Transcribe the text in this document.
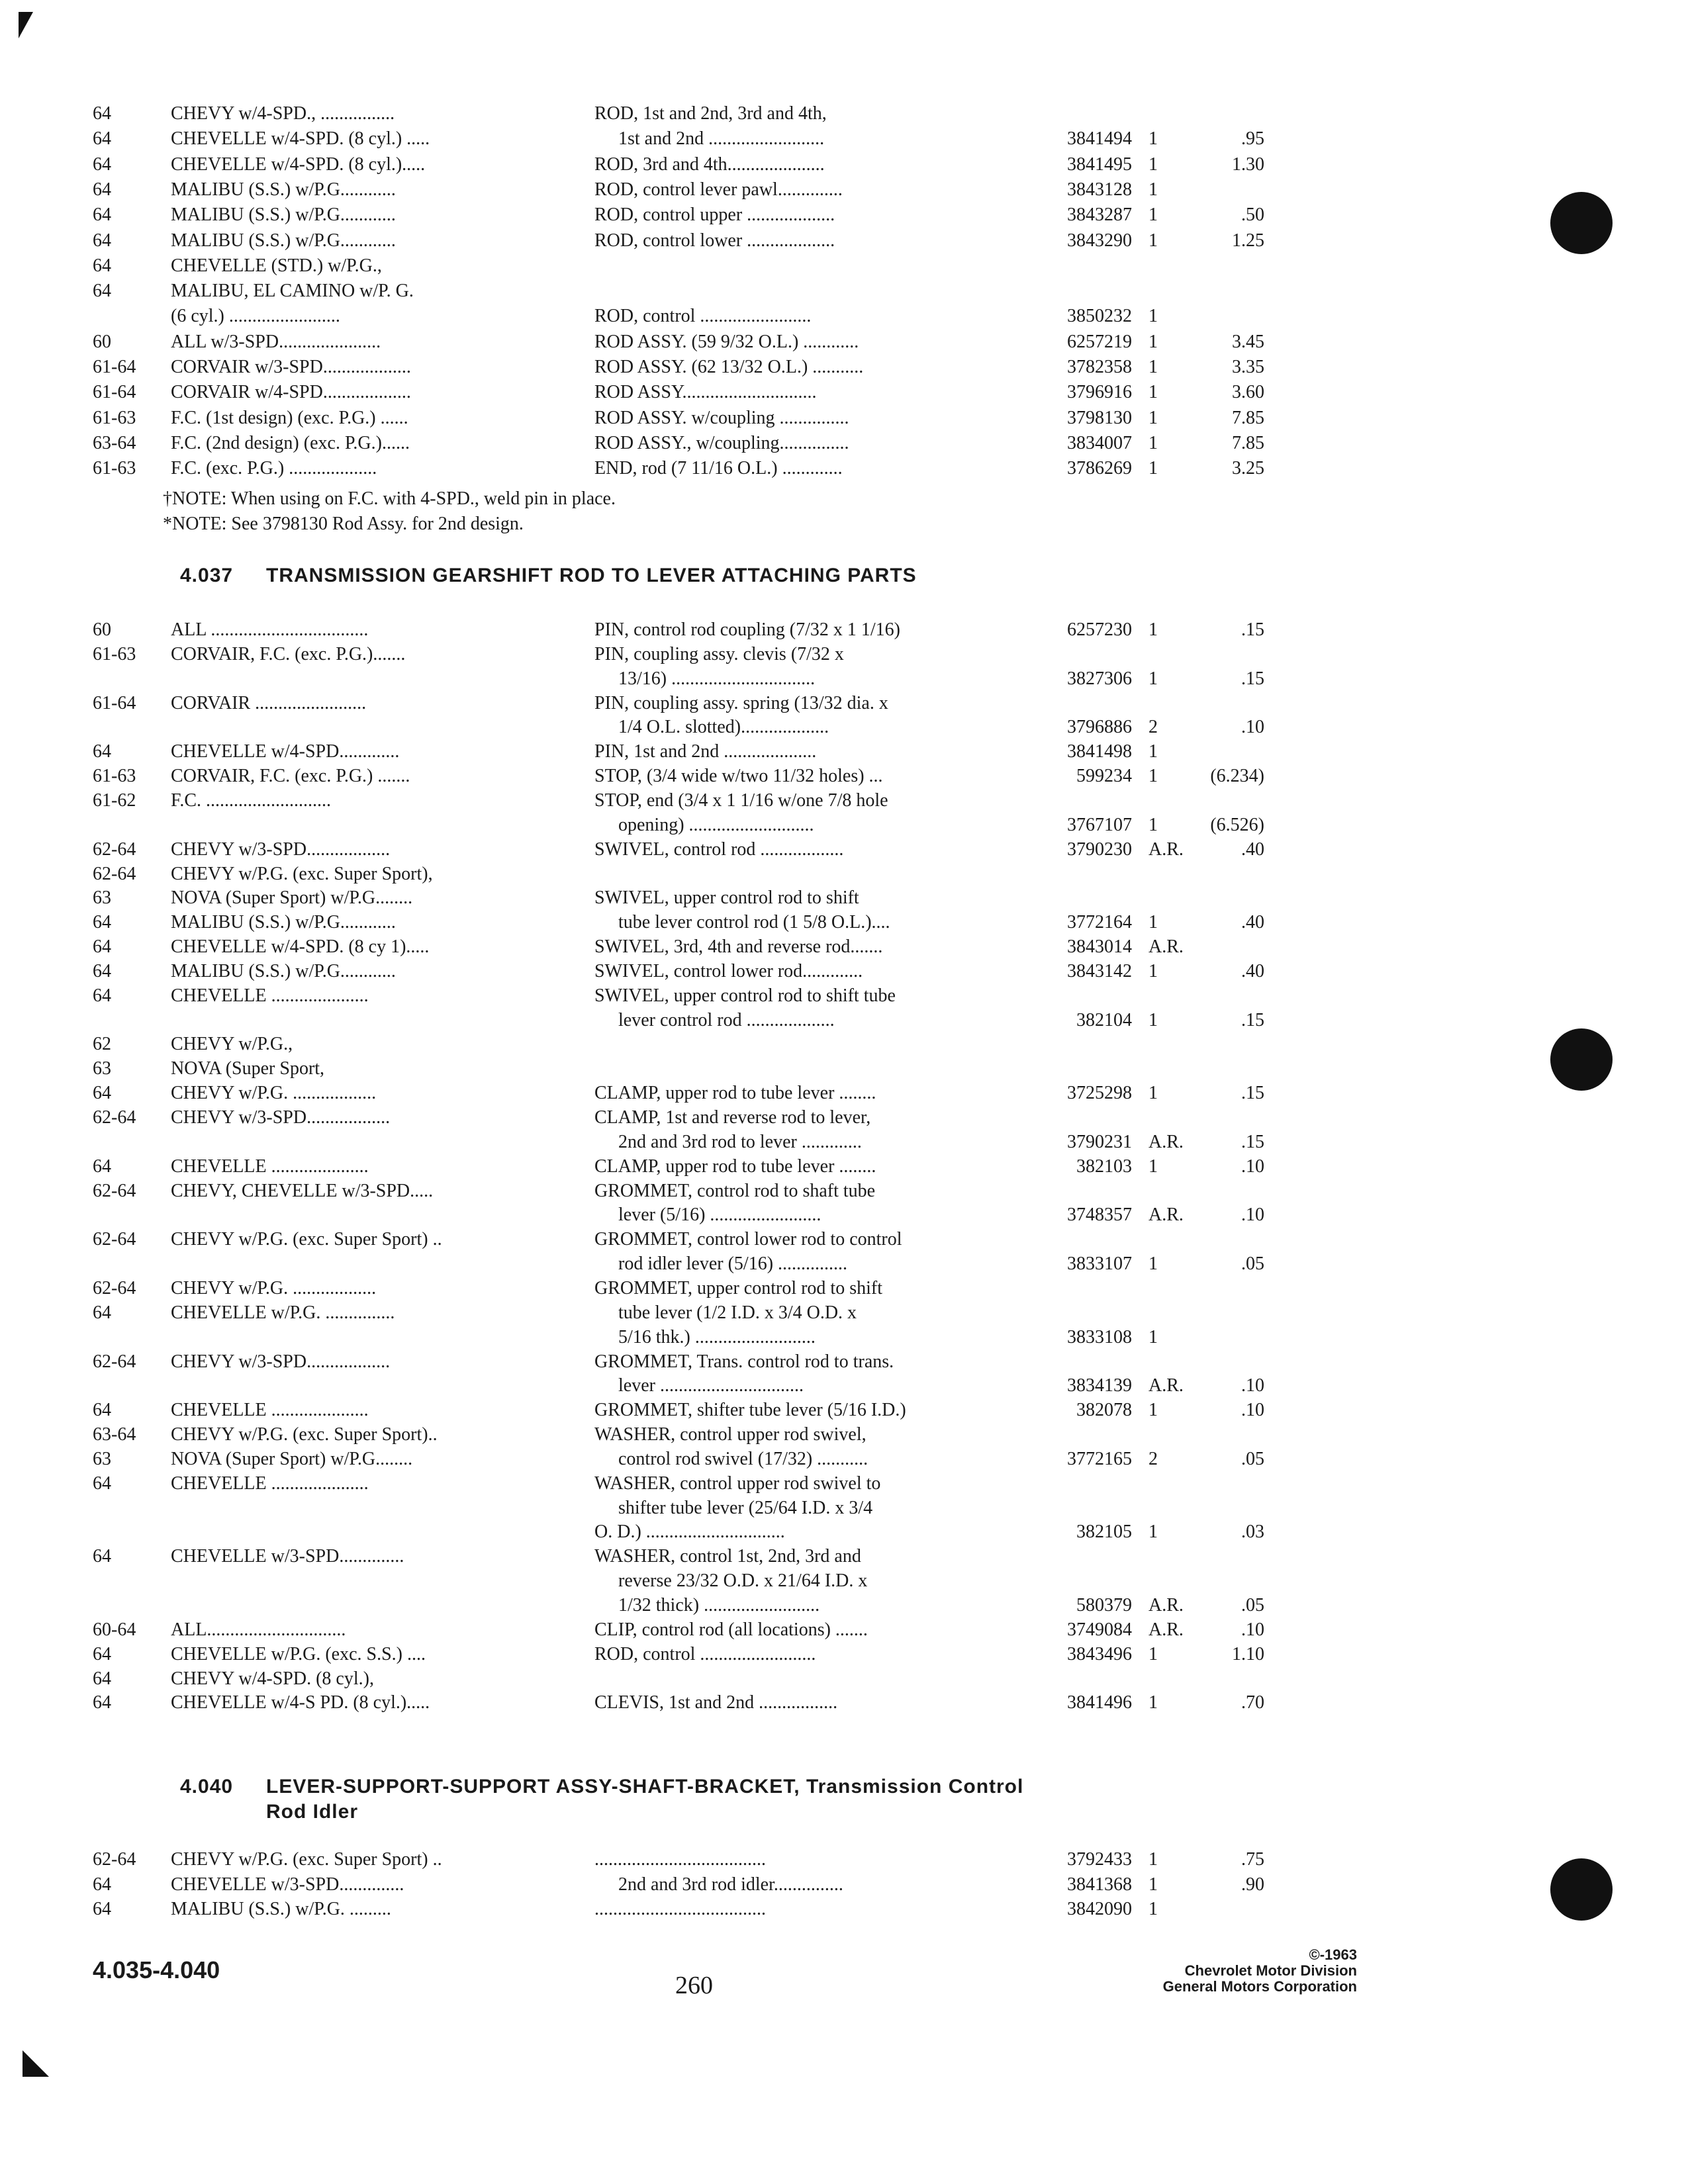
64	CHEVY w/4-SPD., ................	ROD, 1st and 2nd, 3rd and 4th,
64	CHEVELLE w/4-SPD. (8 cyl.) .....	1st and 2nd .........................	3841494 1	.95
64	CHEVELLE w/4-SPD. (8 cyl.).....	ROD, 3rd and 4th.....................	3841495 1	1.30
64	MALIBU (S.S.) w/P.G............	ROD, control lever pawl..............	3843128 1
64	MALIBU (S.S.) w/P.G............	ROD, control upper ...................	3843287 1	.50
64	MALIBU (S.S.) w/P.G............	ROD, control lower ...................	3843290 1	1.25
64	CHEVELLE (STD.) w/P.G.,
64	MALIBU, EL CAMINO w/P. G.
(6 cyl.) ........................	ROD, control ........................	3850232 1
60	ALL w/3-SPD......................	ROD ASSY. (59 9/32 O.L.) ............	6257219 1	3.45
61-64 CORVAIR w/3-SPD...................	ROD ASSY. (62 13/32 O.L.) ...........	3782358 1	3.35
61-64 CORVAIR w/4-SPD...................	ROD ASSY.............................	3796916 1	3.60
61-63 F.C. (1st design) (exc. P.G.) ......	ROD ASSY. w/coupling ...............	3798130 1	7.85
63-64 F.C. (2nd design) (exc. P.G.)......	ROD ASSY., w/coupling...............	3834007 1	7.85
61-63 F.C. (exc. P.G.) ...................	END, rod (7 11/16 O.L.) .............	3786269 1	3.25
†NOTE: When using on F.C. with 4-SPD., weld pin in place.
*NOTE: See 3798130 Rod Assy. for 2nd design.
4.037 TRANSMISSION GEARSHIFT ROD TO LEVER ATTACHING PARTS
60	ALL ..................................	PIN, control rod coupling (7/32 x 1 1/16)	6257230 1	.15
61-63 CORVAIR, F.C. (exc. P.G.).......	PIN, coupling assy. clevis (7/32 x
13/16) ...............................	3827306 1	.15
61-64 CORVAIR ........................	PIN, coupling assy. spring (13/32 dia. x
1/4 O.L. slotted)...................	3796886 2	.10
64	CHEVELLE w/4-SPD.............	PIN, 1st and 2nd ....................	3841498 1
61-63 CORVAIR, F.C. (exc. P.G.) .......	STOP, (3/4 wide w/two 11/32 holes) ...	599234 1	(6.234)
61-62 F.C. ...........................	STOP, end (3/4 x 1 1/16 w/one 7/8 hole
opening) ...........................	3767107 1	(6.526)
62-64 CHEVY w/3-SPD..................	SWIVEL, control rod ..................	3790230 A.R.	.40
62-64 CHEVY w/P.G. (exc. Super Sport),
63	NOVA (Super Sport) w/P.G........	SWIVEL, upper control rod to shift
64	MALIBU (S.S.) w/P.G............	tube lever control rod (1 5/8 O.L.)....	3772164 1	.40
64	CHEVELLE w/4-SPD. (8 cy 1).....	SWIVEL, 3rd, 4th and reverse rod.......	3843014 A.R.
64	MALIBU (S.S.) w/P.G............	SWIVEL, control lower rod.............	3843142 1	.40
64	CHEVELLE .....................	SWIVEL, upper control rod to shift tube
lever control rod ...................	382104 1	.15
62	CHEVY w/P.G.,
63	NOVA (Super Sport,
64	CHEVY w/P.G. ..................	CLAMP, upper rod to tube lever ........	3725298 1	.15
62-64 CHEVY w/3-SPD..................	CLAMP, 1st and reverse rod to lever,
2nd and 3rd rod to lever .............	3790231 A.R.	.15
64	CHEVELLE .....................	CLAMP, upper rod to tube lever ........	382103 1	.10
62-64 CHEVY, CHEVELLE w/3-SPD.....	GROMMET, control rod to shaft tube
lever (5/16) ........................	3748357 A.R.	.10
62-64 CHEVY w/P.G. (exc. Super Sport) ..	GROMMET, control lower rod to control
rod idler lever (5/16) ...............	3833107 1	.05
62-64 CHEVY w/P.G. ..................	GROMMET, upper control rod to shift
64	CHEVELLE w/P.G. ...............	tube lever (1/2 I.D. x 3/4 O.D. x
5/16 thk.) ..........................	3833108 1
62-64 CHEVY w/3-SPD..................	GROMMET, Trans. control rod to trans.
lever ...............................	3834139 A.R.	.10
64	CHEVELLE .....................	GROMMET, shifter tube lever (5/16 I.D.)	382078 1	.10
63-64 CHEVY w/P.G. (exc. Super Sport)..	WASHER, control upper rod swivel,
63	NOVA (Super Sport) w/P.G........	control rod swivel (17/32) ...........	3772165 2	.05
64	CHEVELLE .....................	WASHER, control upper rod swivel to
shifter tube lever (25/64 I.D. x 3/4
O. D.) ..............................	382105 1	.03
64	CHEVELLE w/3-SPD..............	WASHER, control 1st, 2nd, 3rd and
reverse 23/32 O.D. x 21/64 I.D. x
1/32 thick) .........................	580379 A.R.	.05
60-64 ALL..............................	CLIP, control rod (all locations) .......	3749084 A.R.	.10
64	CHEVELLE w/P.G. (exc. S.S.) ....	ROD, control .........................	3843496 1	1.10
64	CHEVY w/4-SPD. (8 cyl.),
64	CHEVELLE w/4-S PD. (8 cyl.).....	CLEVIS, 1st and 2nd .................	3841496 1	.70
4.040 LEVER-SUPPORT-SUPPORT ASSY-SHAFT-BRACKET, Transmission Control
Rod Idler
62-64 CHEVY w/P.G. (exc. Super Sport) ..	.....................................	3792433 1	.75
64	CHEVELLE w/3-SPD..............	2nd and 3rd rod idler...............	3841368 1	.90
64	MALIBU (S.S.) w/P.G. .........	.....................................	3842090 1
4.035-4.040
260
©-1963
Chevrolet Motor Division
General Motors Corporation
